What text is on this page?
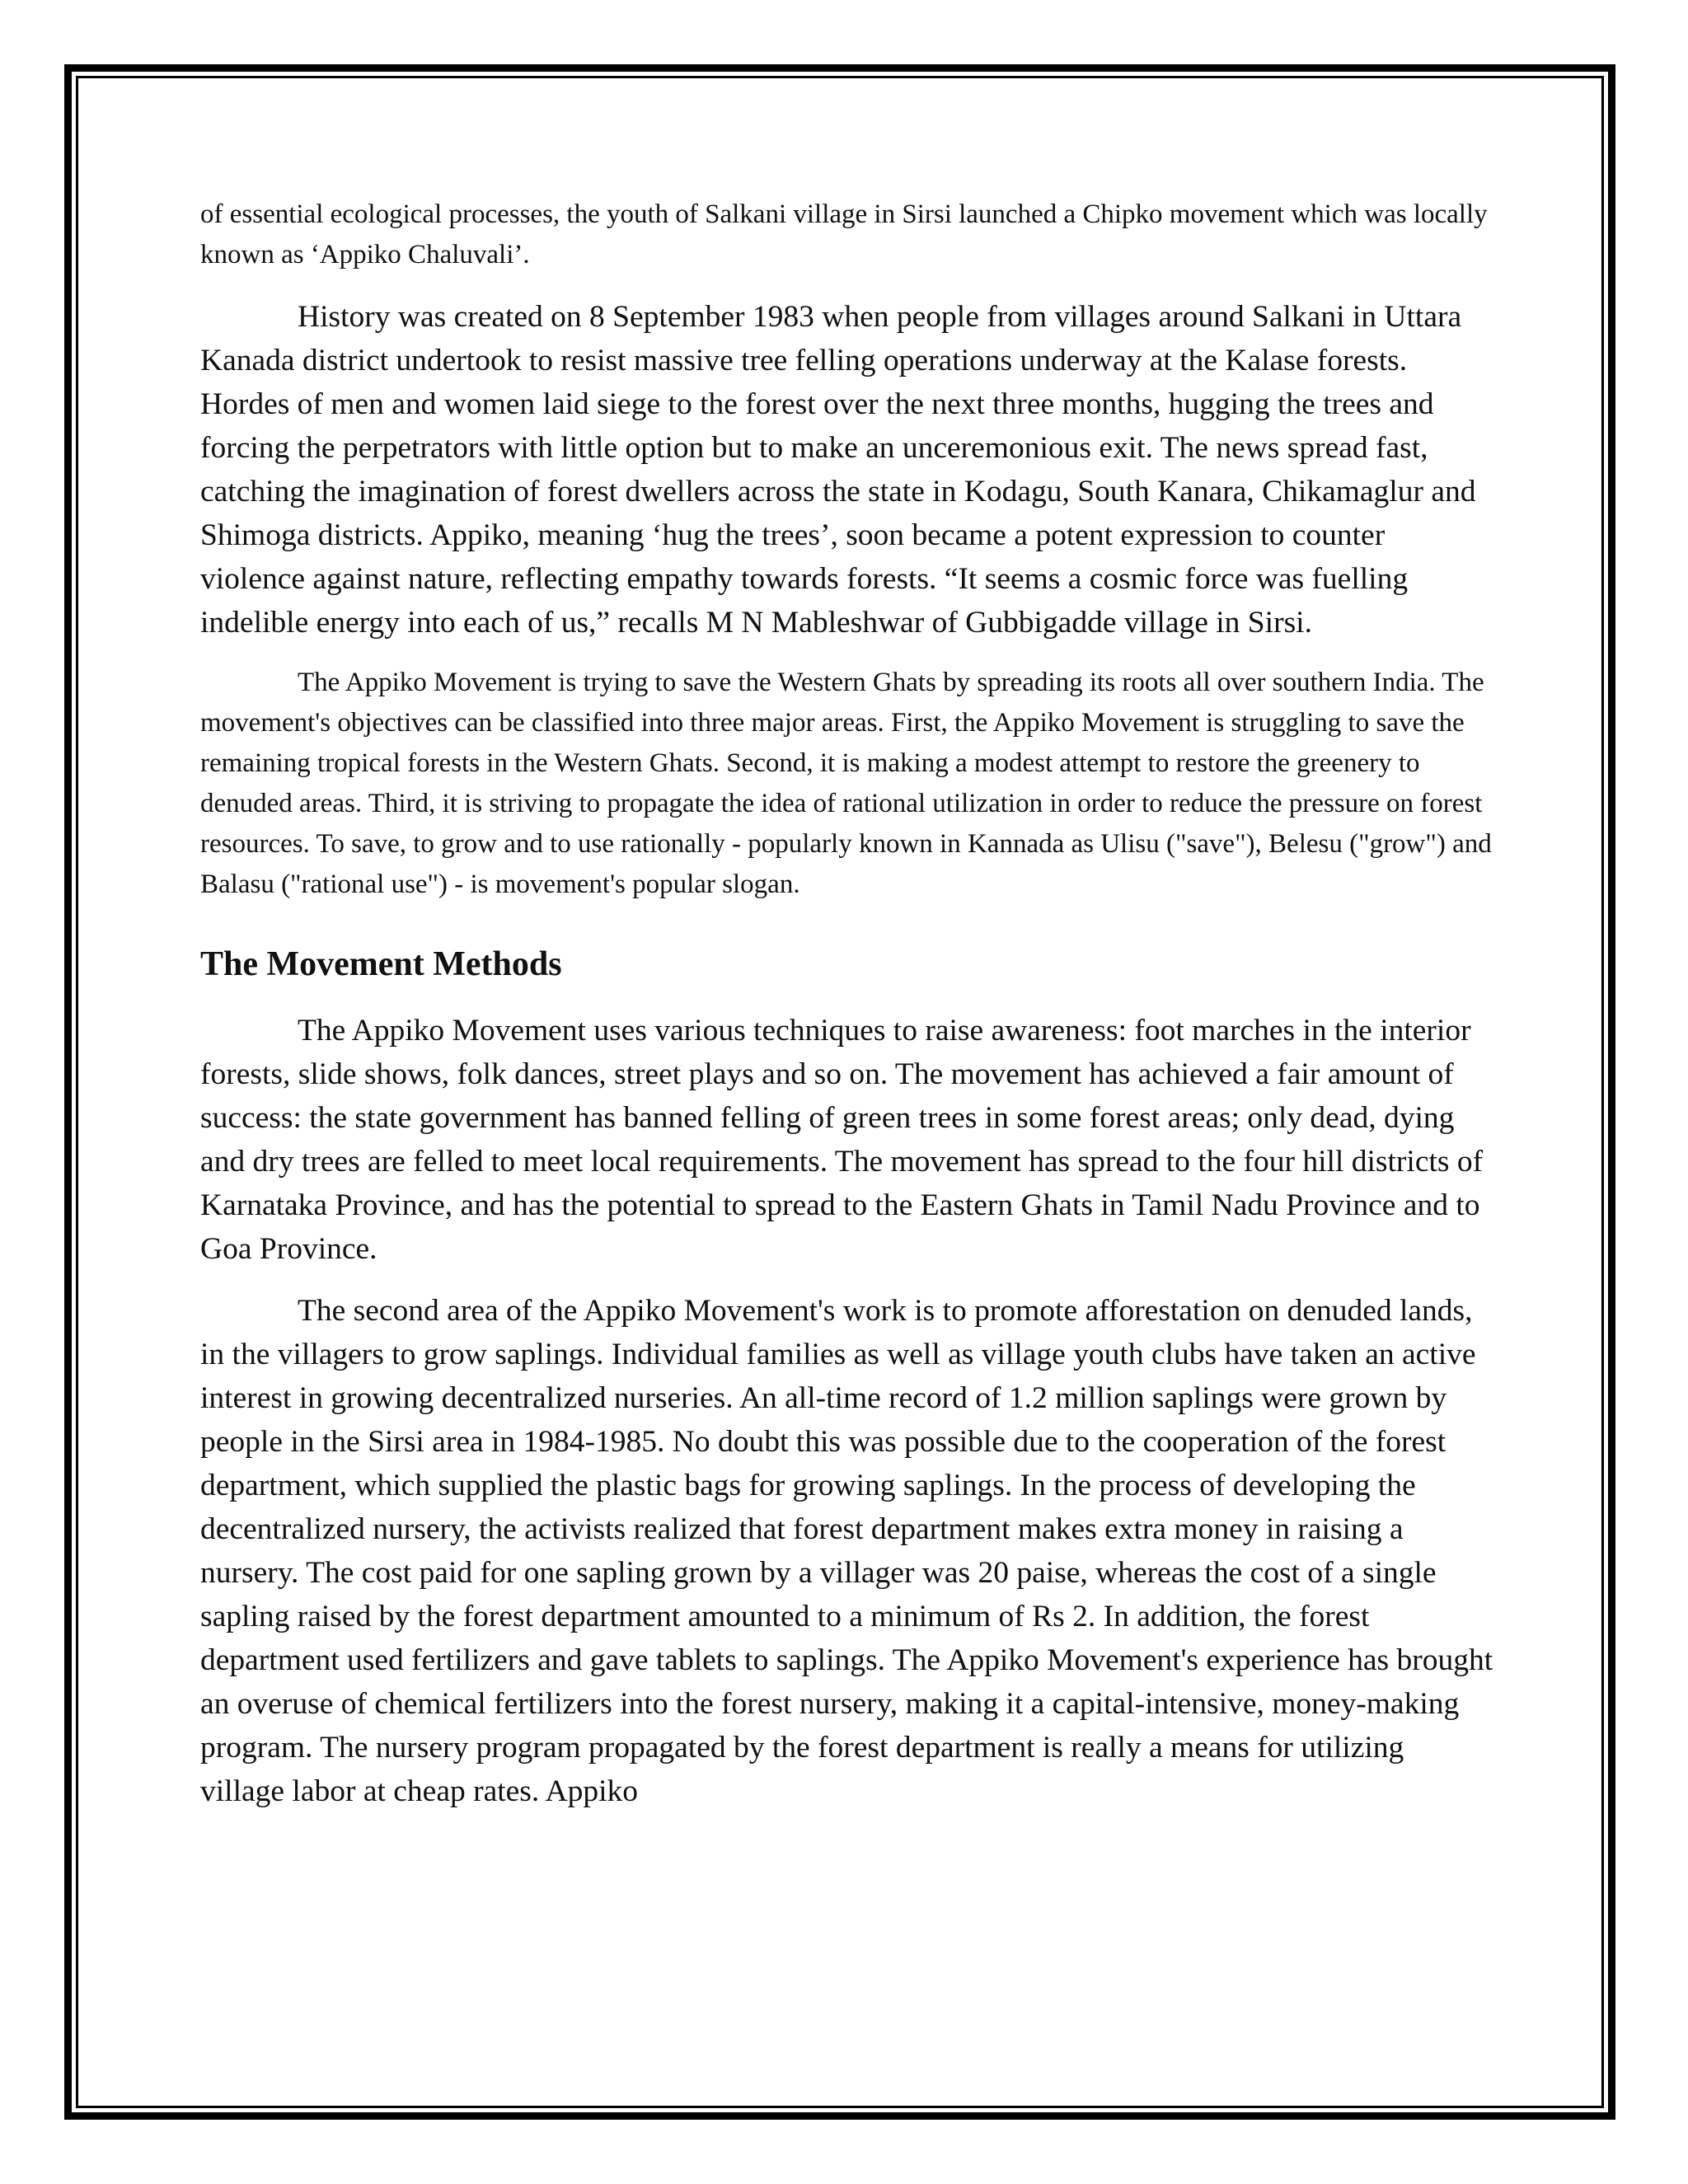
of essential ecological processes, the youth of Salkani village in Sirsi launched a Chipko movement which was locally known as ‘Appiko Chaluvali’.

History was created on 8 September 1983 when people from villages around Salkani in Uttara Kanada district undertook to resist massive tree felling operations underway at the Kalase forests. Hordes of men and women laid siege to the forest over the next three months, hugging the trees and forcing the perpetrators with little option but to make an unceremonious exit. The news spread fast, catching the imagination of forest dwellers across the state in Kodagu, South Kanara, Chikamaglur and Shimoga districts. Appiko, meaning ‘hug the trees’, soon became a potent expression to counter violence against nature, reflecting empathy towards forests. “It seems a cosmic force was fuelling indelible energy into each of us,” recalls M N Mableshwar of Gubbigadde village in Sirsi.

The Appiko Movement is trying to save the Western Ghats by spreading its roots all over southern India. The movement's objectives can be classified into three major areas. First, the Appiko Movement is struggling to save the remaining tropical forests in the Western Ghats. Second, it is making a modest attempt to restore the greenery to denuded areas. Third, it is striving to propagate the idea of rational utilization in order to reduce the pressure on forest resources. To save, to grow and to use rationally - popularly known in Kannada as Ulisu ("save"), Belesu ("grow") and Balasu ("rational use") - is movement's popular slogan.

The Movement Methods

The Appiko Movement uses various techniques to raise awareness: foot marches in the interior forests, slide shows, folk dances, street plays and so on. The movement has achieved a fair amount of success: the state government has banned felling of green trees in some forest areas; only dead, dying and dry trees are felled to meet local requirements. The movement has spread to the four hill districts of Karnataka Province, and has the potential to spread to the Eastern Ghats in Tamil Nadu Province and to Goa Province.

The second area of the Appiko Movement's work is to promote afforestation on denuded lands, in the villagers to grow saplings. Individual families as well as village youth clubs have taken an active interest in growing decentralized nurseries. An all-time record of 1.2 million saplings were grown by people in the Sirsi area in 1984-1985. No doubt this was possible due to the cooperation of the forest department, which supplied the plastic bags for growing saplings. In the process of developing the decentralized nursery, the activists realized that forest department makes extra money in raising a nursery. The cost paid for one sapling grown by a villager was 20 paise, whereas the cost of a single sapling raised by the forest department amounted to a minimum of Rs 2. In addition, the forest department used fertilizers and gave tablets to saplings. The Appiko Movement's experience has brought an overuse of chemical fertilizers into the forest nursery, making it a capital-intensive, money-making program. The nursery program propagated by the forest department is really a means for utilizing village labor at cheap rates. Appiko
